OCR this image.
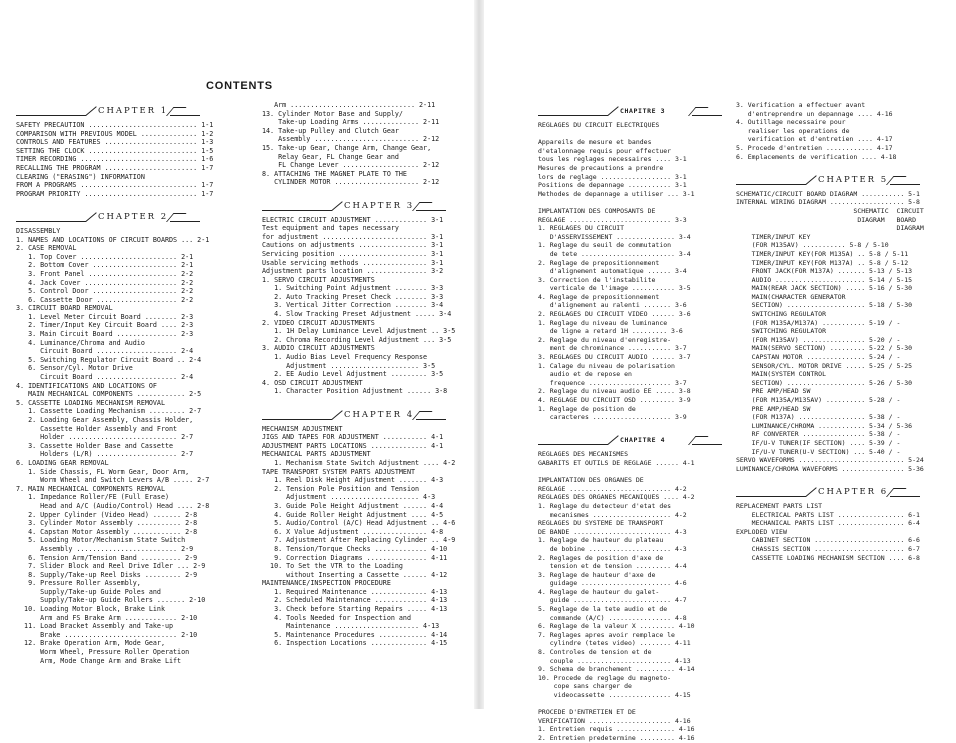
CONTENTS
CHAPTER 1
SAFETY PRECAUTION ........................... 1-1
COMPARISON WITH PREVIOUS MODEL .............. 1-2
CONTROLS AND FEATURES ....................... 1-3
SETTING THE CLOCK ........................... 1-5
TIMER RECORDING ............................. 1-6
RECALLING THE PROGRAM ....................... 1-7
CLEARING ("ERASING") INFORMATION
FROM A PROGRAMS ............................. 1-7
PROGRAM PRIORITY ............................ 1-7

CHAPTER 2
DISASSEMBLY
1. NAMES AND LOCATIONS OF CIRCUIT BOARDS ... 2-1
2. CASE REMOVAL
1. Top Cover ........................ 2-1
2. Bottom Cover ..................... 2-1
3. Front Panel ...................... 2-2
4. Jack Cover ....................... 2-2
5. Control Door ..................... 2-2
6. Cassette Door .................... 2-2
3. CIRCUIT BOARD REMOVAL
1. Level Meter Circuit Board ........ 2-3
2. Timer/Input Key Circuit Board .... 2-3
3. Main Circuit Board ............... 2-3
4. Luminance/Chroma and Audio
Circuit Board .................... 2-4
5. Switching Regulator Circuit Board .. 2-4
6. Sensor/Cyl. Motor Drive
Circuit Board .................... 2-4
4. IDENTIFICATIONS AND LOCATIONS OF
MAIN MECHANICAL COMPONENTS ............ 2-5
5. CASSETTE LOADING MECHANISM REMOVAL
1. Cassette Loading Mechanism ......... 2-7
2. Loading Gear Assembly, Chassis Holder,
Cassette Holder Assembly and Front
Holder ........................... 2-7
3. Cassette Holder Base and Cassette
Holders (L/R) .................... 2-7
6. LOADING GEAR REMOVAL
1. Side Chassis, FL Worm Gear, Door Arm,
Worm Wheel and Switch Levers A/B ..... 2-7
7. MAIN MECHANICAL COMPONENTS REMOVAL
1. Impedance Roller/FE (Full Erase)
Head and A/C (Audio/Control) Head .... 2-8
2. Upper Cylinder (Video Head) ....... 2-8
3. Cylinder Motor Assembly ........... 2-8
4. Capstan Motor Assembly ............ 2-8
5. Loading Motor/Mechanism State Switch
Assembly ......................... 2-9
6. Tension Arm/Tension Band .......... 2-9
7. Slider Block and Reel Drive Idler ... 2-9
8. Supply/Take-up Reel Disks ......... 2-9
9. Pressure Roller Assembly,
Supply/Take-up Guide Poles and
Supply/Take-up Guide Rollers ....... 2-10
10. Loading Motor Block, Brake Link
Arm and FS Brake Arm ............. 2-10
11. Load Bracket Assembly and Take-up
Brake ............................ 2-10
12. Brake Operation Arm, Mode Gear,
Worm Wheel, Pressure Roller Operation
Arm, Mode Change Arm and Brake Lift
Arm ............................... 2-11
13. Cylinder Motor Base and Supply/
Take-up Loading Arms .............. 2-11
14. Take-up Pulley and Clutch Gear
Assembly .......................... 2-12
15. Take-up Gear, Change Arm, Change Gear,
Relay Gear, FL Change Gear and
FL Change Lever ................... 2-12
8. ATTACHING THE MAGNET PLATE TO THE
CYLINDER MOTOR ..................... 2-12

CHAPTER 3
ELECTRIC CIRCUIT ADJUSTMENT ............. 3-1
Test equipment and tapes necessary
for adjustment .......................... 3-1
Cautions on adjustments ................. 3-1
Servicing position ...................... 3-1
Usable servicing methods ................ 3-1
Adjustment parts location ............... 3-2
1. SERVO CIRCUIT ADJUSTMENTS
1. Switching Point Adjustment ........ 3-3
2. Auto Tracking Preset Check ........ 3-3
3. Vertical Jitter Correction ........ 3-4
4. Slow Tracking Preset Adjustment ..... 3-4
2. VIDEO CIRCUIT ADJUSTMENTS
1. 1H Delay Luminance Level Adjustment .. 3-5
2. Chroma Recording Level Adjustment ... 3-5
3. AUDIO CIRCUIT ADJUSTMENTS
1. Audio Bias Level Frequency Response
Adjustment ...................... 3-5
2. EE Audio Level Adjustment ......... 3-5
4. OSD CIRCUIT ADJUSTMENT
1. Character Position Adjustment ...... 3-8

CHAPTER 4
MECHANISM ADJUSTMENT
JIGS AND TAPES FOR ADJUSTMENT ........... 4-1
ADJUSTMENT PARTS LOCATIONS .............. 4-1
MECHANICAL PARTS ADJUSTMENT
1. Mechanism State Switch Adjustment .... 4-2
TAPE TRANSPORT SYSTEM PARTS ADJUSTMENT
1. Reel Disk Height Adjustment ....... 4-3
2. Tension Pole Position and Tension
Adjustment ...................... 4-3
3. Guide Pole Height Adjustment ...... 4-4
4. Guide Roller Height Adjustment .... 4-5
5. Audio/Control (A/C) Head Adjustment .. 4-6
6. X Value Adjustment ................ 4-8
7. Adjustment After Replacing Cylinder .. 4-9
8. Tension/Torque Checks ............. 4-10
9. Correction Diagrams ............... 4-11
10. To Set the VTR to the Loading
without Inserting a Cassette ...... 4-12
MAINTENANCE/INSPECTION PROCEDURE
1. Required Maintenance .............. 4-13
2. Scheduled Maintenance ............. 4-13
3. Check before Starting Repairs ..... 4-13
4. Tools Needed for Inspection and
Maintenance ..................... 4-13
5. Maintenance Procedures ............ 4-14
6. Inspection Locations .............. 4-15
CHAPITRE 3
REGLAGES DU CIRCUIT ELECTRIQUES

Appareils de mesure et bandes
d'etalonnage requis pour effectuer
tous les reglages necessaires .... 3-1
Mesures de precautions a prendre
lors de reglage .................. 3-1
Positions de depannage ........... 3-1
Methodes de depannage a utiliser ... 3-1

IMPLANTATION DES COMPOSANTS DE
REGLAGE .......................... 3-3
1. REGLAGES DU CIRCUIT
D'ASSERVISSEMENT ............... 3-4
1. Reglage du seuil de commutation
de tete ........................ 3-4
2. Reglage de prepositionnement
d'alignement automatique ...... 3-4
3. Correction de l'instabilite
verticale de l'image ........... 3-5
4. Reglage de prepositionnement
d'alignement au ralenti ....... 3-6
2. REGLAGES DU CIRCUIT VIDEO ...... 3-6
1. Reglage du niveau de luminance
de ligne a retard 1H ......... 3-6
2. Reglage du niveau d'enregistre-
ment de chrominance ........... 3-7
3. REGLAGES DU CIRCUIT AUDIO ...... 3-7
1. Calage du niveau de polarisation
audio et de repose en
frequence ..................... 3-7
2. Reglage du niveau audio EE ..... 3-8
4. REGLAGE DU CIRCUIT OSD ......... 3-9
1. Reglage de position de
caracteres .................... 3-9

CHAPITRE 4
REGLAGES DES MECANISMES
GABARITS ET OUTILS DE REGLAGE ...... 4-1

IMPLANTATION DES ORGANES DE
REGLAGE .......................... 4-2
REGLAGES DES ORGANES MECANIQUES .... 4-2
1. Reglage du detecteur d'etat des
mecanismes .................... 4-2
REGLAGES DU SYSTEME DE TRANSPORT
DE BANDE ......................... 4-3
1. Reglage de hauteur du plateau
de bobine ..................... 4-3
2. Reglages de position d'axe de
tension et de tension ......... 4-4
3. Reglage de hauteur d'axe de
guidage ....................... 4-6
4. Reglage de hauteur du galet-
guide ......................... 4-7
5. Reglage de la tete audio et de
commande (A/C) ................ 4-8
6. Reglage de la valeur X ......... 4-10
7. Reglages apres avoir remplace le
cylindre (tetes video) ........ 4-11
8. Controles de tension et de
couple ........................ 4-13
9. Schema de branchement .......... 4-14
10. Procede de reglage du magneto-
cope sans charger de
videocassette ................ 4-15

PROCEDE D'ENTRETIEN ET DE
VERIFICATION ..................... 4-16
1. Entretien requis ............... 4-16
2. Entretien predetermine ......... 4-16
3. Verification a effectuer avant
d'entreprendre un depannage .... 4-16
4. Outillage necessaire pour
realiser les operations de
verification et d'entretien .... 4-17
5. Procede d'entretien ............ 4-17
6. Emplacements de verification .... 4-18

CHAPTER 5
SCHEMATIC/CIRCUIT BOARD DIAGRAM ........... 5-1
INTERNAL WIRING DIAGRAM ................... 5-8
SCHEMATIC  CIRCUIT
DIAGRAM   BOARD
DIAGRAM
TIMER/INPUT KEY
(FOR M135AV) ........... 5-8 / 5-10
TIMER/INPUT KEY(FOR M135A) .. 5-8 / 5-11
TIMER/INPUT KEY(FOR M137A) .. 5-8 / 5-12
FRONT JACK(FOR M137A) ....... 5-13 / 5-13
AUDIO ....................... 5-14 / 5-15
MAIN(REAR JACK SECTION) ..... 5-16 / 5-30
MAIN(CHARACTER GENERATOR
SECTION) .................... 5-18 / 5-30
SWITCHING REGULATOR
(FOR M135A/M137A) ........... 5-19 / -
SWITCHING REGULATOR
(FOR M135AV) ................ 5-20 / -
MAIN(SERVO SECTION) ......... 5-22 / 5-30
CAPSTAN MOTOR ............... 5-24 / -
SENSOR/CYL. MOTOR DRIVE ..... 5-25 / 5-25
MAIN(SYSTEM CONTROL
SECTION) .................... 5-26 / 5-30
PRE AMP/HEAD SW
(FOR M135A/M135AV) .......... 5-28 / -
PRE AMP/HEAD SW
(FOR M137A) ................. 5-38 / -
LUMINANCE/CHROMA ............ 5-34 / 5-36
RF CONVERTER ................ 5-38 / -
IF/U-V TUNER(IF SECTION) .... 5-39 / -
IF/U-V TUNER(U-V SECTION) ... 5-40 / -
SERVO WAVEFORMS ........................... 5-24
LUMINANCE/CHROMA WAVEFORMS ................ 5-36

CHAPTER 6
REPLACEMENT PARTS LIST
ELECTRICAL PARTS LIST ................. 6-1
MECHANICAL PARTS LIST ................. 6-4
EXPLODED VIEW
CABINET SECTION ....................... 6-6
CHASSIS SECTION ....................... 6-7
CASSETTE LOADING MECHANISM SECTION .... 6-8
